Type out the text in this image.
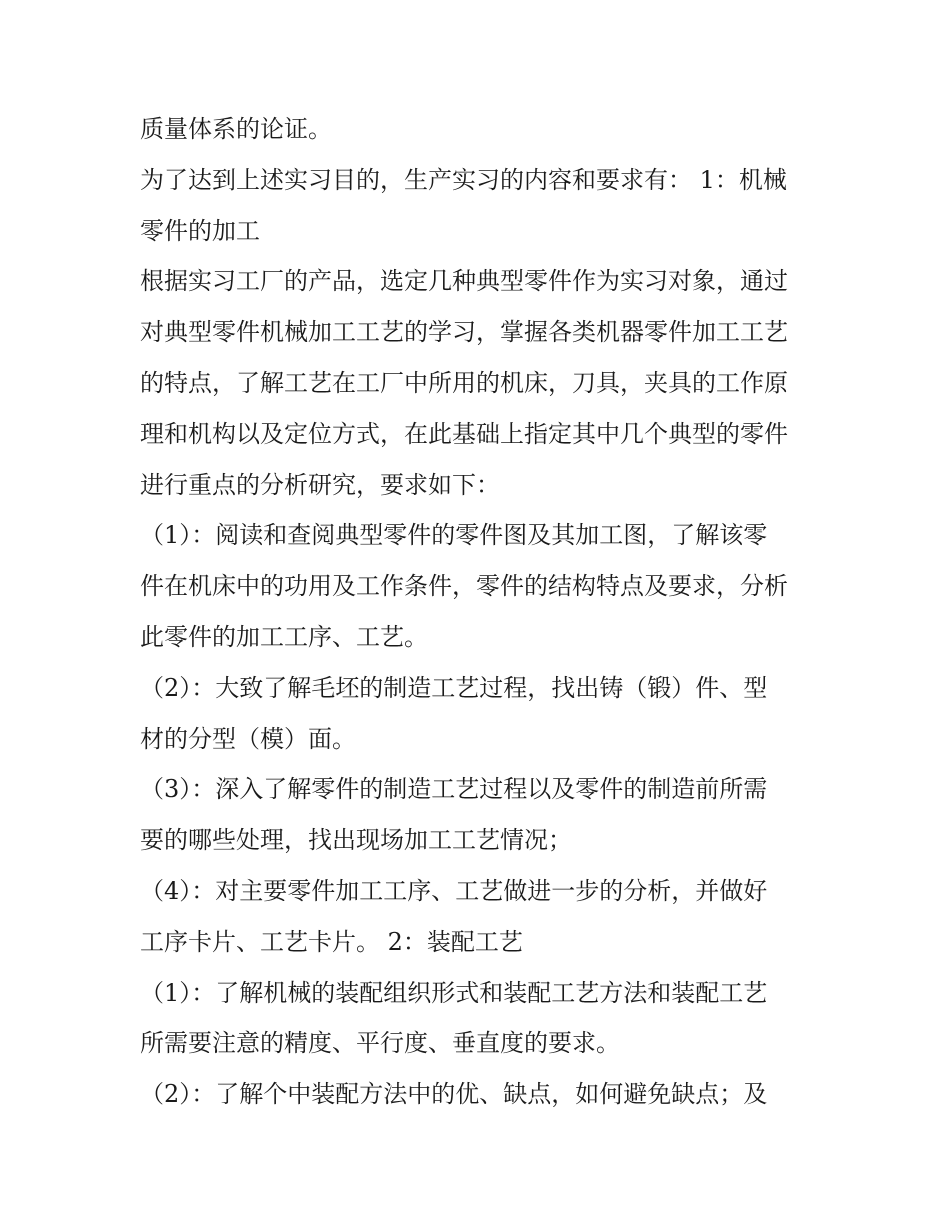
质量体系的论证。
为了达到上述实习目的，生产实习的内容和要求有： 1：机械
零件的加工
根据实习工厂的产品，选定几种典型零件作为实习对象，通过
对典型零件机械加工工艺的学习，掌握各类机器零件加工工艺
的特点，了解工艺在工厂中所用的机床，刀具，夹具的工作原
理和机构以及定位方式，在此基础上指定其中几个典型的零件
进行重点的分析研究，要求如下：
（1）：阅读和查阅典型零件的零件图及其加工图，了解该零
件在机床中的功用及工作条件，零件的结构特点及要求，分析
此零件的加工工序、工艺。
（2）：大致了解毛坯的制造工艺过程，找出铸（锻）件、型
材的分型（模）面。
（3）：深入了解零件的制造工艺过程以及零件的制造前所需
要的哪些处理，找出现场加工工艺情况；
（4）：对主要零件加工工序、工艺做进一步的分析，并做好
工序卡片、工艺卡片。 2：装配工艺
（1）：了解机械的装配组织形式和装配工艺方法和装配工艺
所需要注意的精度、平行度、垂直度的要求。
（2）：了解个中装配方法中的优、缺点，如何避免缺点；及
